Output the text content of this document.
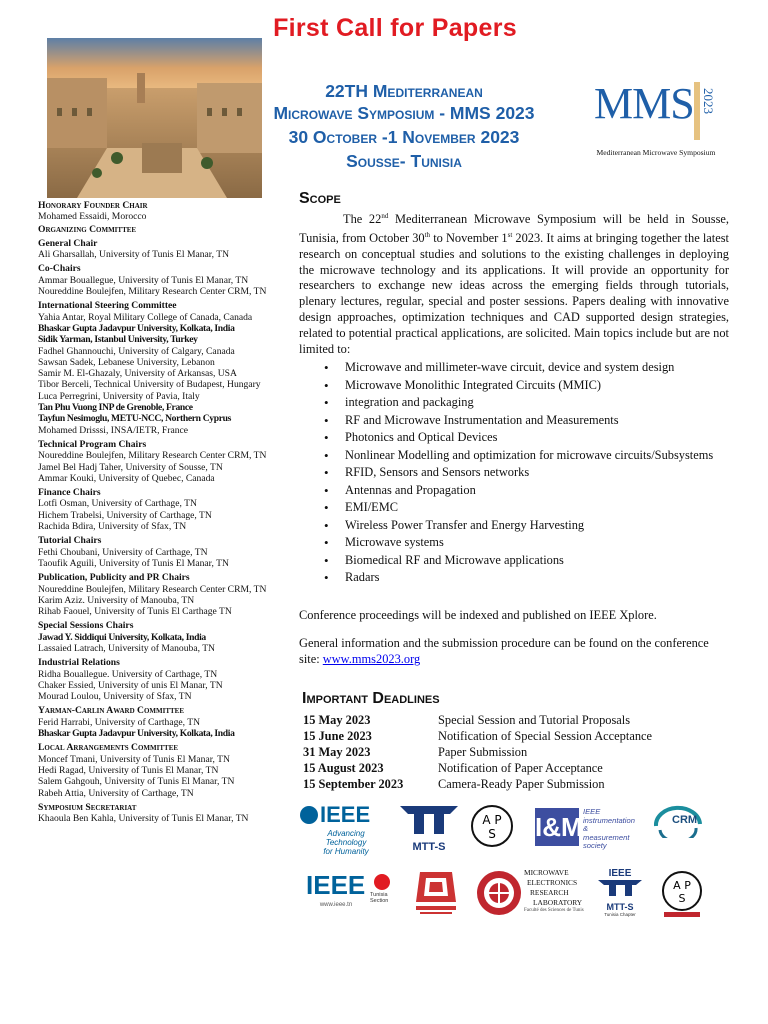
First Call for Papers
22TH Mediterranean
Microwave Symposium - MMS 2023
30 October -1 November 2023
Sousse- Tunisia
MMS 2023
Mediterranean Microwave Symposium
Honorary Founder Chair
Mohamed Essaidi, Morocco
Organizing Committee
General Chair
Ali Gharsallah, University of Tunis El Manar, TN
Co-Chairs
Ammar Bouallegue, University of Tunis El Manar, TN
Noureddine Boulejfen, Military Research Center CRM, TN
International Steering Committee
Yahia Antar, Royal Military College of Canada, Canada
Bhaskar Gupta Jadavpur University, Kolkata, India
Sidik Yarman, Istanbul University, Turkey
Fadhel Ghannouchi, University of Calgary, Canada
Sawsan Sadek, Lebanese University, Lebanon
Samir M. El-Ghazaly, University of Arkansas, USA
Tibor Berceli, Technical University of Budapest, Hungary
Luca Perregrini, University of Pavia, Italy
Tan Phu Vuong INP de Grenoble, France
Tayfun Nesimoglu, METU-NCC, Northern Cyprus
Mohamed Drisssi, INSA/IETR, France
Technical Program Chairs
Noureddine Boulejfen, Military Research Center CRM, TN
Jamel Bel Hadj Taher, University of Sousse, TN
Ammar Kouki, University of Quebec, Canada
Finance Chairs
Lotfi Osman, University of Carthage, TN
Hichem Trabelsi, University of Carthage, TN
Rachida Bdira, University of Sfax, TN
Tutorial Chairs
Fethi Choubani, University of Carthage, TN
Taoufik Aguili, University of Tunis El Manar, TN
Publication, Publicity and PR Chairs
Noureddine Boulejfen, Military Research Center CRM, TN
Karim Aziz. University of Manouba, TN
Rihab Faouel, University of Tunis El Carthage TN
Special Sessions Chairs
Jawad Y. Siddiqui University, Kolkata, India
Lassaied Latrach, University of Manouba, TN
Industrial Relations
Ridha Bouallegue. University of Carthage, TN
Chaker Essied, University of unis El Manar, TN
Mourad Loulou, University of Sfax, TN
Yarman-Carlin Award Committee
Ferid Harrabi, University of Carthage, TN
Bhaskar Gupta Jadavpur University, Kolkata, India
Local Arrangements Committee
Moncef Tmani, University of Tunis El Manar, TN
Hedi Ragad, University of Tunis El Manar, TN
Salem Gahgouh, University of Tunis El Manar, TN
Rabeh Attia, University of Carthage, TN
Symposium Secretariat
Khaoula Ben Kahla, University of Tunis El Manar, TN
Scope
The 22nd Mediterranean Microwave Symposium will be held in Sousse, Tunisia, from October 30th to November 1st 2023. It aims at bringing together the latest research on conceptual studies and solutions to the existing challenges in deploying the microwave technology and its applications. It will provide an opportunity for researchers to exchange new ideas across the emerging fields through tutorials, plenary lectures, regular, special and poster sessions. Papers dealing with innovative design approaches, optimization techniques and CAD supported design strategies, related to potential practical applications, are solicited. Main topics include but are not limited to:
• Microwave and millimeter-wave circuit, device and system design
• Microwave Monolithic Integrated Circuits (MMIC)
• integration and packaging
• RF and Microwave Instrumentation and Measurements
• Photonics and Optical Devices
• Nonlinear Modelling and optimization for microwave circuits/Subsystems
• RFID, Sensors and Sensors networks
• Antennas and Propagation
• EMI/EMC
• Wireless Power Transfer and Energy Harvesting
• Microwave systems
• Biomedical RF and Microwave applications
• Radars
Conference proceedings will be indexed and published on IEEE Xplore.
General information and the submission procedure can be found on the conference site: www.mms2023.org
Important Deadlines
15 May 2023	Special Session and Tutorial Proposals
15 June 2023	Notification of Special Session Acceptance
31 May 2023	Paper Submission
15 August 2023	Notification of Paper Acceptance
15 September 2023	Camera-Ready Paper Submission
IEEE
Advancing Technology
for Humanity	MTT-S
A P
S I&M
IEEE
instrumentation
& measurement
society
CRM
IEEE Tunisia Section
www.ieee.tn
MICROWAVE
ELECTRONICS
RESEARCH
LABORATORY
Faculté des Sciences de Tunis
IEEE
MTT-S
Tunisia Chapter
A P
S
